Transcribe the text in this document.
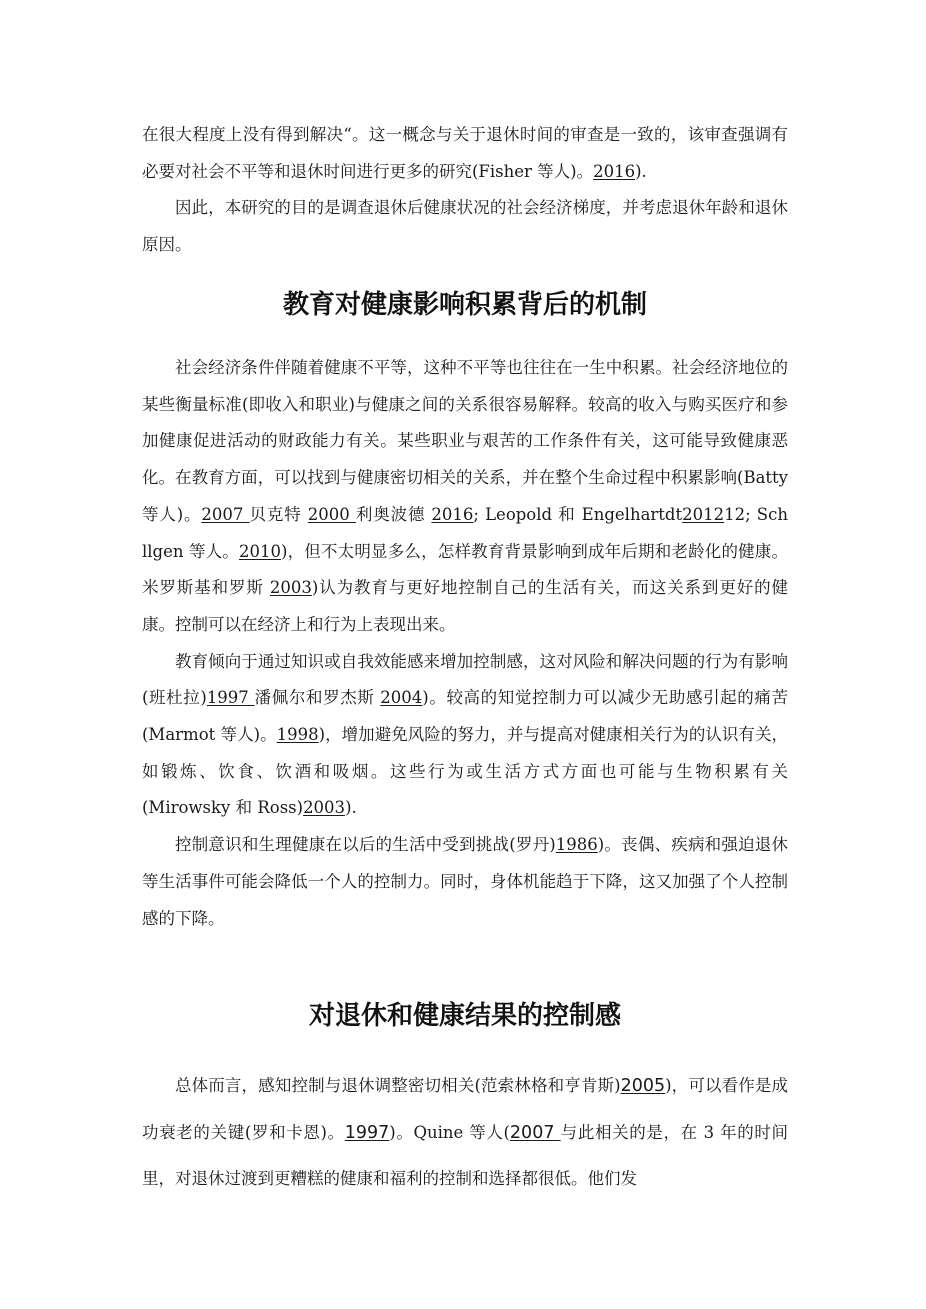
在很大程度上没有得到解决“。这一概念与关于退休时间的审查是一致的，该审查强调有必要对社会不平等和退休时间进行更多的研究(Fisher 等人)。2016).

因此，本研究的目的是调查退休后健康状况的社会经济梯度，并考虑退休年龄和退休原因。

教育对健康影响积累背后的机制

社会经济条件伴随着健康不平等，这种不平等也往往在一生中积累。社会经济地位的某些衡量标准(即收入和职业)与健康之间的关系很容易解释。较高的收入与购买医疗和参加健康促进活动的财政能力有关。某些职业与艰苦的工作条件有关，这可能导致健康恶化。在教育方面，可以找到与健康密切相关的关系，并在整个生命过程中积累影响(Batty 等人)。2007 贝克特 2000 利奥波德 2016; Leopold 和 Engelhartdt201212; Sch llgen 等人。2010)，但不太明显多么，怎样教育背景影响到成年后期和老龄化的健康。米罗斯基和罗斯 2003)认为教育与更好地控制自己的生活有关，而这关系到更好的健康。控制可以在经济上和行为上表现出来。

教育倾向于通过知识或自我效能感来增加控制感，这对风险和解决问题的行为有影响(班杜拉)1997 潘佩尔和罗杰斯 2004)。较高的知觉控制力可以减少无助感引起的痛苦(Marmot 等人)。1998)，增加避免风险的努力，并与提高对健康相关行为的认识有关，如锻炼、饮食、饮酒和吸烟。这些行为或生活方式方面也可能与生物积累有关(Mirowsky 和 Ross)2003).

控制意识和生理健康在以后的生活中受到挑战(罗丹)1986)。丧偶、疾病和强迫退休等生活事件可能会降低一个人的控制力。同时，身体机能趋于下降，这又加强了个人控制感的下降。

对退休和健康结果的控制感

总体而言，感知控制与退休调整密切相关(范索林格和亨肯斯)2005)，可以看作是成功衰老的关键(罗和卡恩)。1997)。Quine 等人(2007 与此相关的是，在 3 年的时间里，对退休过渡到更糟糕的健康和福利的控制和选择都很低。他们发
